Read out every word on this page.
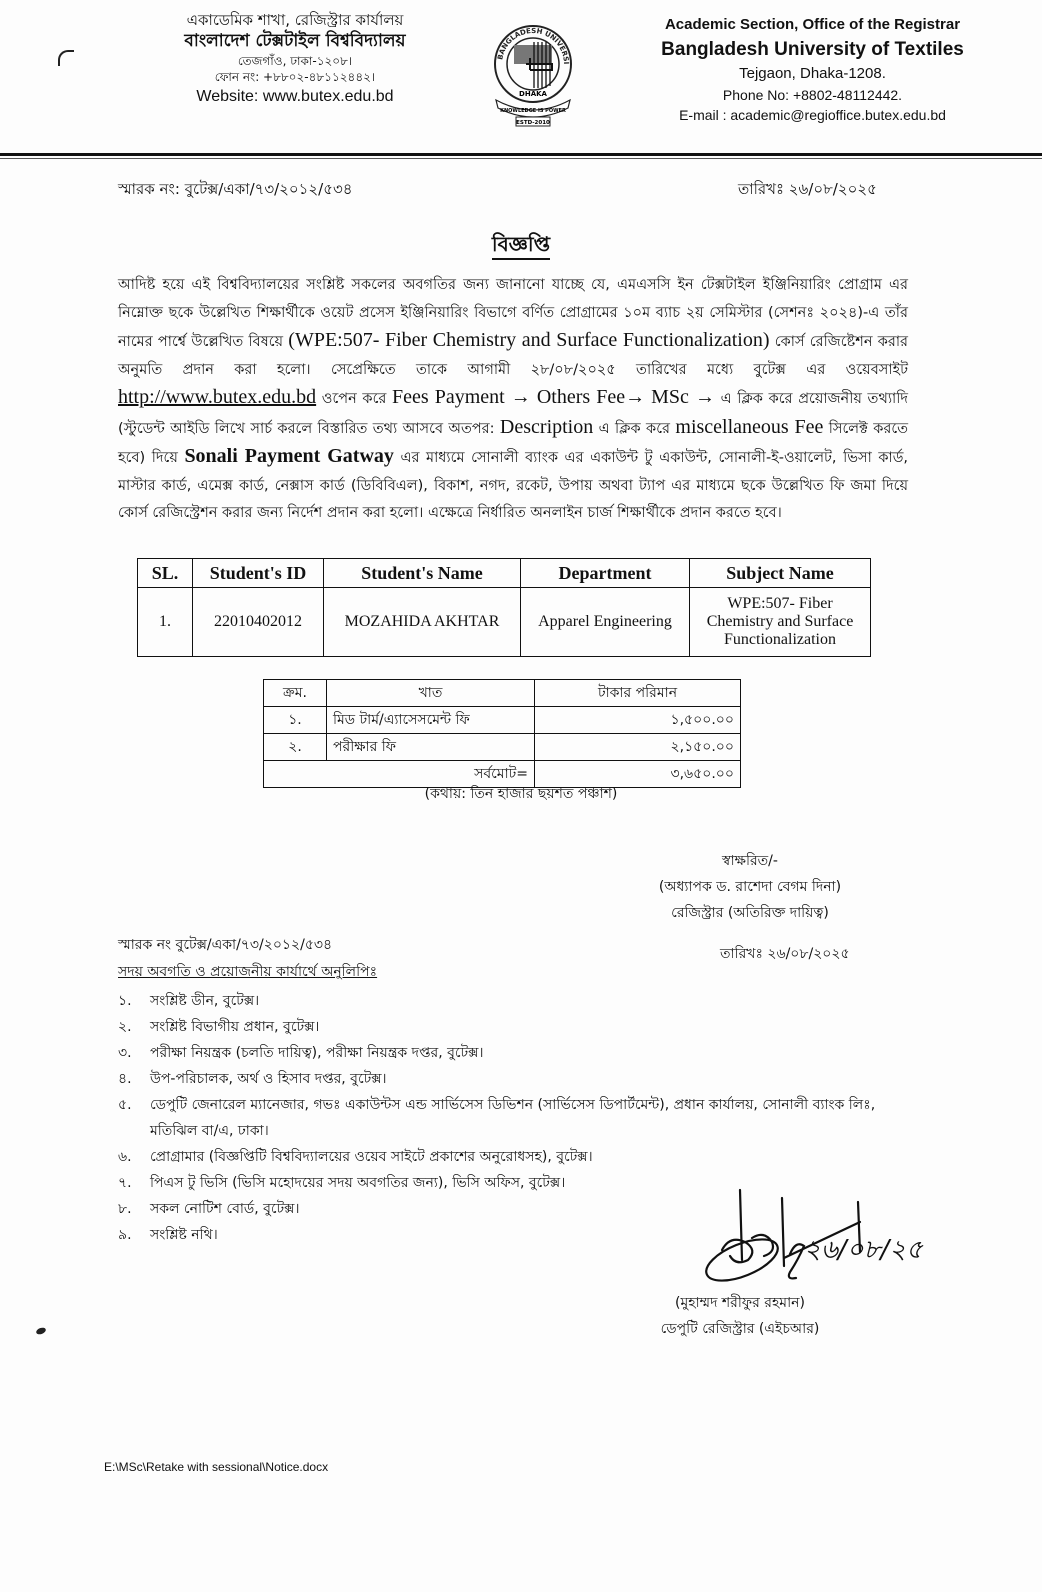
একাডেমিক শাখা, রেজিস্ট্রার কার্যালয়
বাংলাদেশ টেক্সটাইল বিশ্ববিদ্যালয়
তেজগাঁও, ঢাকা-১২০৮।
ফোন নং: +৮৮০২-৪৮১১২৪৪২।
Website: www.butex.edu.bd
BANGLADESH UNIVERSI
DHAKA
KNOWLEDGE IS POWER
ESTD-2010
Academic Section, Office of the Registrar
Bangladesh University of Textiles
Tejgaon, Dhaka-1208.
Phone No: +8802-48112442.
E-mail : academic@regioffice.butex.edu.bd
স্মারক নং: বুটেক্স/একা/৭৩/২০১২/৫৩৪	তারিখঃ ২৬/০৮/২০২৫
বিজ্ঞপ্তি
আদিষ্ট হয়ে এই বিশ্ববিদ্যালয়ের সংশ্লিষ্ট সকলের অবগতির জন্য জানানো যাচ্ছে যে, এমএসসি ইন টেক্সটাইল ইঞ্জিনিয়ারিং প্রোগ্রাম এর নিম্নোক্ত ছকে উল্লেখিত শিক্ষার্থীকে ওয়েট প্রসেস ইঞ্জিনিয়ারিং বিভাগে বর্ণিত প্রোগ্রামের ১০ম ব্যাচ ২য় সেমিস্টার (সেশনঃ ২০২৪)-এ তাঁর নামের পার্শ্বে উল্লেখিত বিষয়ে (WPE:507- Fiber Chemistry and Surface Functionalization) কোর্স রেজিষ্টেশন করার অনুমতি প্রদান করা হলো। সেপ্রেক্ষিতে তাকে আগামী ২৮/০৮/২০২৫ তারিখের মধ্যে বুটেক্স এর ওয়েবসাইট http://www.butex.edu.bd ওপেন করে Fees Payment → Others Fee→ MSc → এ ক্লিক করে প্রয়োজনীয় তথ্যাদি (স্টুডেন্ট আইডি লিখে সার্চ করলে বিস্তারিত তথ্য আসবে অতপর: Description এ ক্লিক করে miscellaneous Fee সিলেক্ট করতে হবে) দিয়ে Sonali Payment Gatway এর মাধ্যমে সোনালী ব্যাংক এর একাউন্ট টু একাউন্ট, সোনালী-ই-ওয়ালেট, ভিসা কার্ড, মাস্টার কার্ড, এমেক্স কার্ড, নেক্সাস কার্ড (ডিবিবিএল), বিকাশ, নগদ, রকেট, উপায় অথবা ট্যাপ এর মাধ্যমে ছকে উল্লেখিত ফি জমা দিয়ে কোর্স রেজিস্ট্রেশন করার জন্য নির্দেশ প্রদান করা হলো। এক্ষেত্রে নির্ধারিত অনলাইন চার্জ শিক্ষার্থীকে প্রদান করতে হবে।
SL.	Student's ID	Student's Name	Department	Subject Name
1.	22010402012	MOZAHIDA AKHTAR	Apparel Engineering	WPE:507- Fiber Chemistry and Surface Functionalization
ক্রম.	খাত	টাকার পরিমান
১.	মিড টার্ম/এ্যাসেসমেন্ট ফি	১,৫০০.০০
২.	পরীক্ষার ফি	২,১৫০.০০
সর্বমোট=		৩,৬৫০.০০
(কথায়: তিন হাজার ছয়শত পঞ্চাশ)
স্বাক্ষরিত/-
(অধ্যাপক ড. রাশেদা বেগম দিনা)
রেজিস্ট্রার (অতিরিক্ত দায়িত্ব)
স্মারক নং বুটেক্স/একা/৭৩/২০১২/৫৩৪
তারিখঃ ২৬/০৮/২০২৫
সদয় অবগতি ও প্রয়োজনীয় কার্যার্থে অনুলিপিঃ
১.	সংশ্লিষ্ট ডীন, বুটেক্স।
২.	সংশ্লিষ্ট বিভাগীয় প্রধান, বুটেক্স।
৩.	পরীক্ষা নিয়ন্ত্রক (চলতি দায়িত্ব), পরীক্ষা নিয়ন্ত্রক দপ্তর, বুটেক্স।
৪.	উপ-পরিচালক, অর্থ ও হিসাব দপ্তর, বুটেক্স।
৫.	ডেপুটি জেনারেল ম্যানেজার, গভঃ একাউন্টস এন্ড সার্ভিসেস ডিভিশন (সার্ভিসেস ডিপার্টমেন্ট), প্রধান কার্যালয়, সোনালী ব্যাংক লিঃ, মতিঝিল বা/এ, ঢাকা।
৬.	প্রোগ্রামার (বিজ্ঞপ্তিটি বিশ্ববিদ্যালয়ের ওয়েব সাইটে প্রকাশের অনুরোধসহ), বুটেক্স।
৭.	পিএস টু ভিসি (ভিসি মহোদয়ের সদয় অবগতির জন্য), ভিসি অফিস, বুটেক্স।
৮.	সকল নোটিশ বোর্ড, বুটেক্স।
৯.	সংশ্লিষ্ট নথি।	২৬/০৮/২৫
(মুহাম্মদ শরীফুর রহমান)
ডেপুটি রেজিস্ট্রার (এইচআর)
E:\MSc\Retake with sessional\Notice.docx
